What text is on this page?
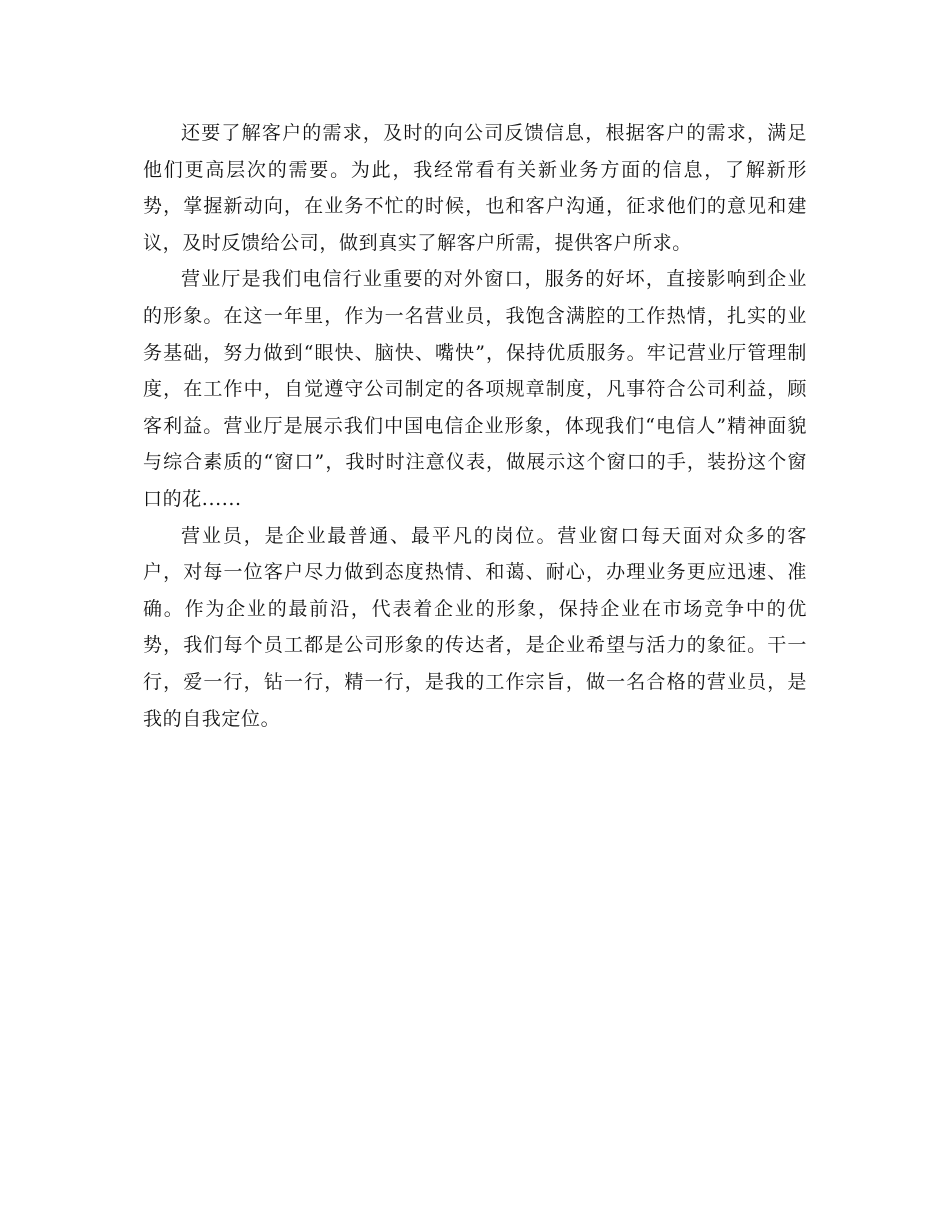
还要了解客户的需求，及时的向公司反馈信息，根据客户的需求，满足他们更高层次的需要。为此，我经常看有关新业务方面的信息，了解新形势，掌握新动向，在业务不忙的时候，也和客户沟通，征求他们的意见和建议，及时反馈给公司，做到真实了解客户所需，提供客户所求。

营业厅是我们电信行业重要的对外窗口，服务的好坏，直接影响到企业的形象。在这一年里，作为一名营业员，我饱含满腔的工作热情，扎实的业务基础，努力做到“眼快、脑快、嘴快”，保持优质服务。牢记营业厅管理制度，在工作中，自觉遵守公司制定的各项规章制度，凡事符合公司利益，顾客利益。营业厅是展示我们中国电信企业形象，体现我们“电信人”精神面貌与综合素质的“窗口”，我时时注意仪表，做展示这个窗口的手，装扮这个窗口的花......

营业员，是企业最普通、最平凡的岗位。营业窗口每天面对众多的客户，对每一位客户尽力做到态度热情、和蔼、耐心，办理业务更应迅速、准确。作为企业的最前沿，代表着企业的形象，保持企业在市场竞争中的优势，我们每个员工都是公司形象的传达者，是企业希望与活力的象征。干一行，爱一行，钻一行，精一行，是我的工作宗旨，做一名合格的营业员，是我的自我定位。
